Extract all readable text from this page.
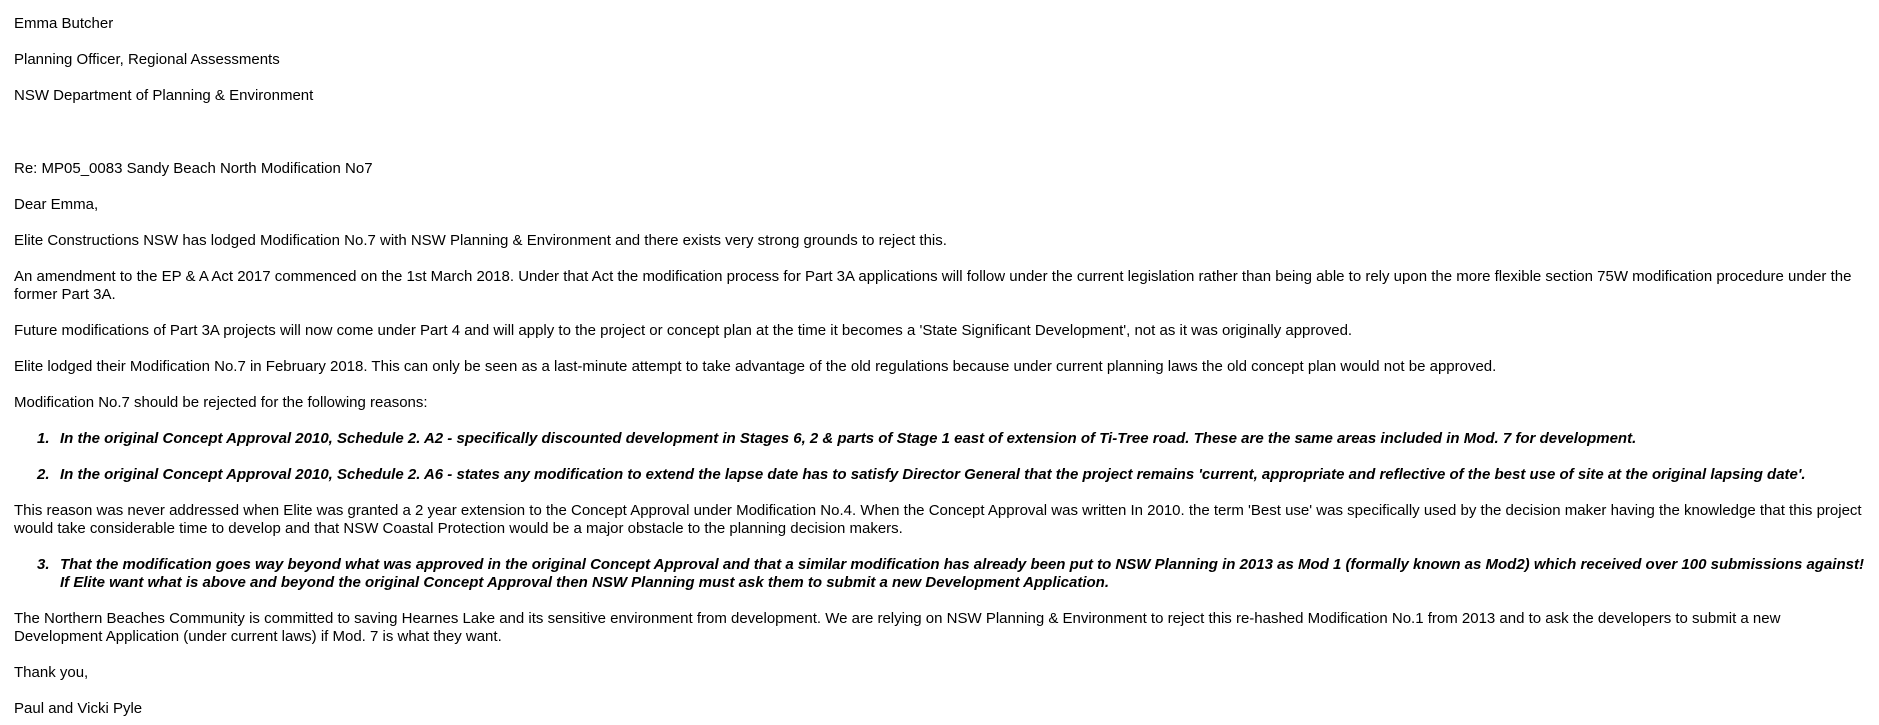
Emma Butcher

Planning Officer, Regional Assessments

NSW Department of Planning & Environment

Re: MP05_0083 Sandy Beach North Modification No7

Dear Emma,

Elite Constructions NSW has lodged Modification No.7 with NSW Planning & Environment and there exists very strong grounds to reject this.

An amendment to the EP & A Act 2017 commenced on the 1st March 2018. Under that Act the modification process for Part 3A applications will follow under the current legislation rather than being able to rely upon the more flexible section 75W modification procedure under the former Part 3A.

Future modifications of Part 3A projects will now come under Part 4 and will apply to the project or concept plan at the time it becomes a 'State Significant Development', not as it was originally approved.

Elite lodged their Modification No.7 in February 2018. This can only be seen as a last-minute attempt to take advantage of the old regulations because under current planning laws the old concept plan would not be approved.

Modification No.7 should be rejected for the following reasons:

1. In the original Concept Approval 2010, Schedule 2. A2 - specifically discounted development in Stages 6, 2 & parts of Stage 1 east of extension of Ti-Tree road. These are the same areas included in Mod. 7 for development.
2. In the original Concept Approval 2010, Schedule 2. A6 - states any modification to extend the lapse date has to satisfy Director General that the project remains 'current, appropriate and reflective of the best use of site at the original lapsing date'.

This reason was never addressed when Elite was granted a 2 year extension to the Concept Approval under Modification No.4. When the Concept Approval was written In 2010. the term 'Best use' was specifically used by the decision maker having the knowledge that this project would take considerable time to develop and that NSW Coastal Protection would be a major obstacle to the planning decision makers.

3. That the modification goes way beyond what was approved in the original Concept Approval and that a similar modification has already been put to NSW Planning in 2013 as Mod 1 (formally known as Mod2) which received over 100 submissions against! If Elite want what is above and beyond the original Concept Approval then NSW Planning must ask them to submit a new Development Application.

The Northern Beaches Community is committed to saving Hearnes Lake and its sensitive environment from development. We are relying on NSW Planning & Environment to reject this re-hashed Modification No.1 from 2013 and to ask the developers to submit a new Development Application (under current laws) if Mod. 7 is what they want.

Thank you,

Paul and Vicki Pyle
